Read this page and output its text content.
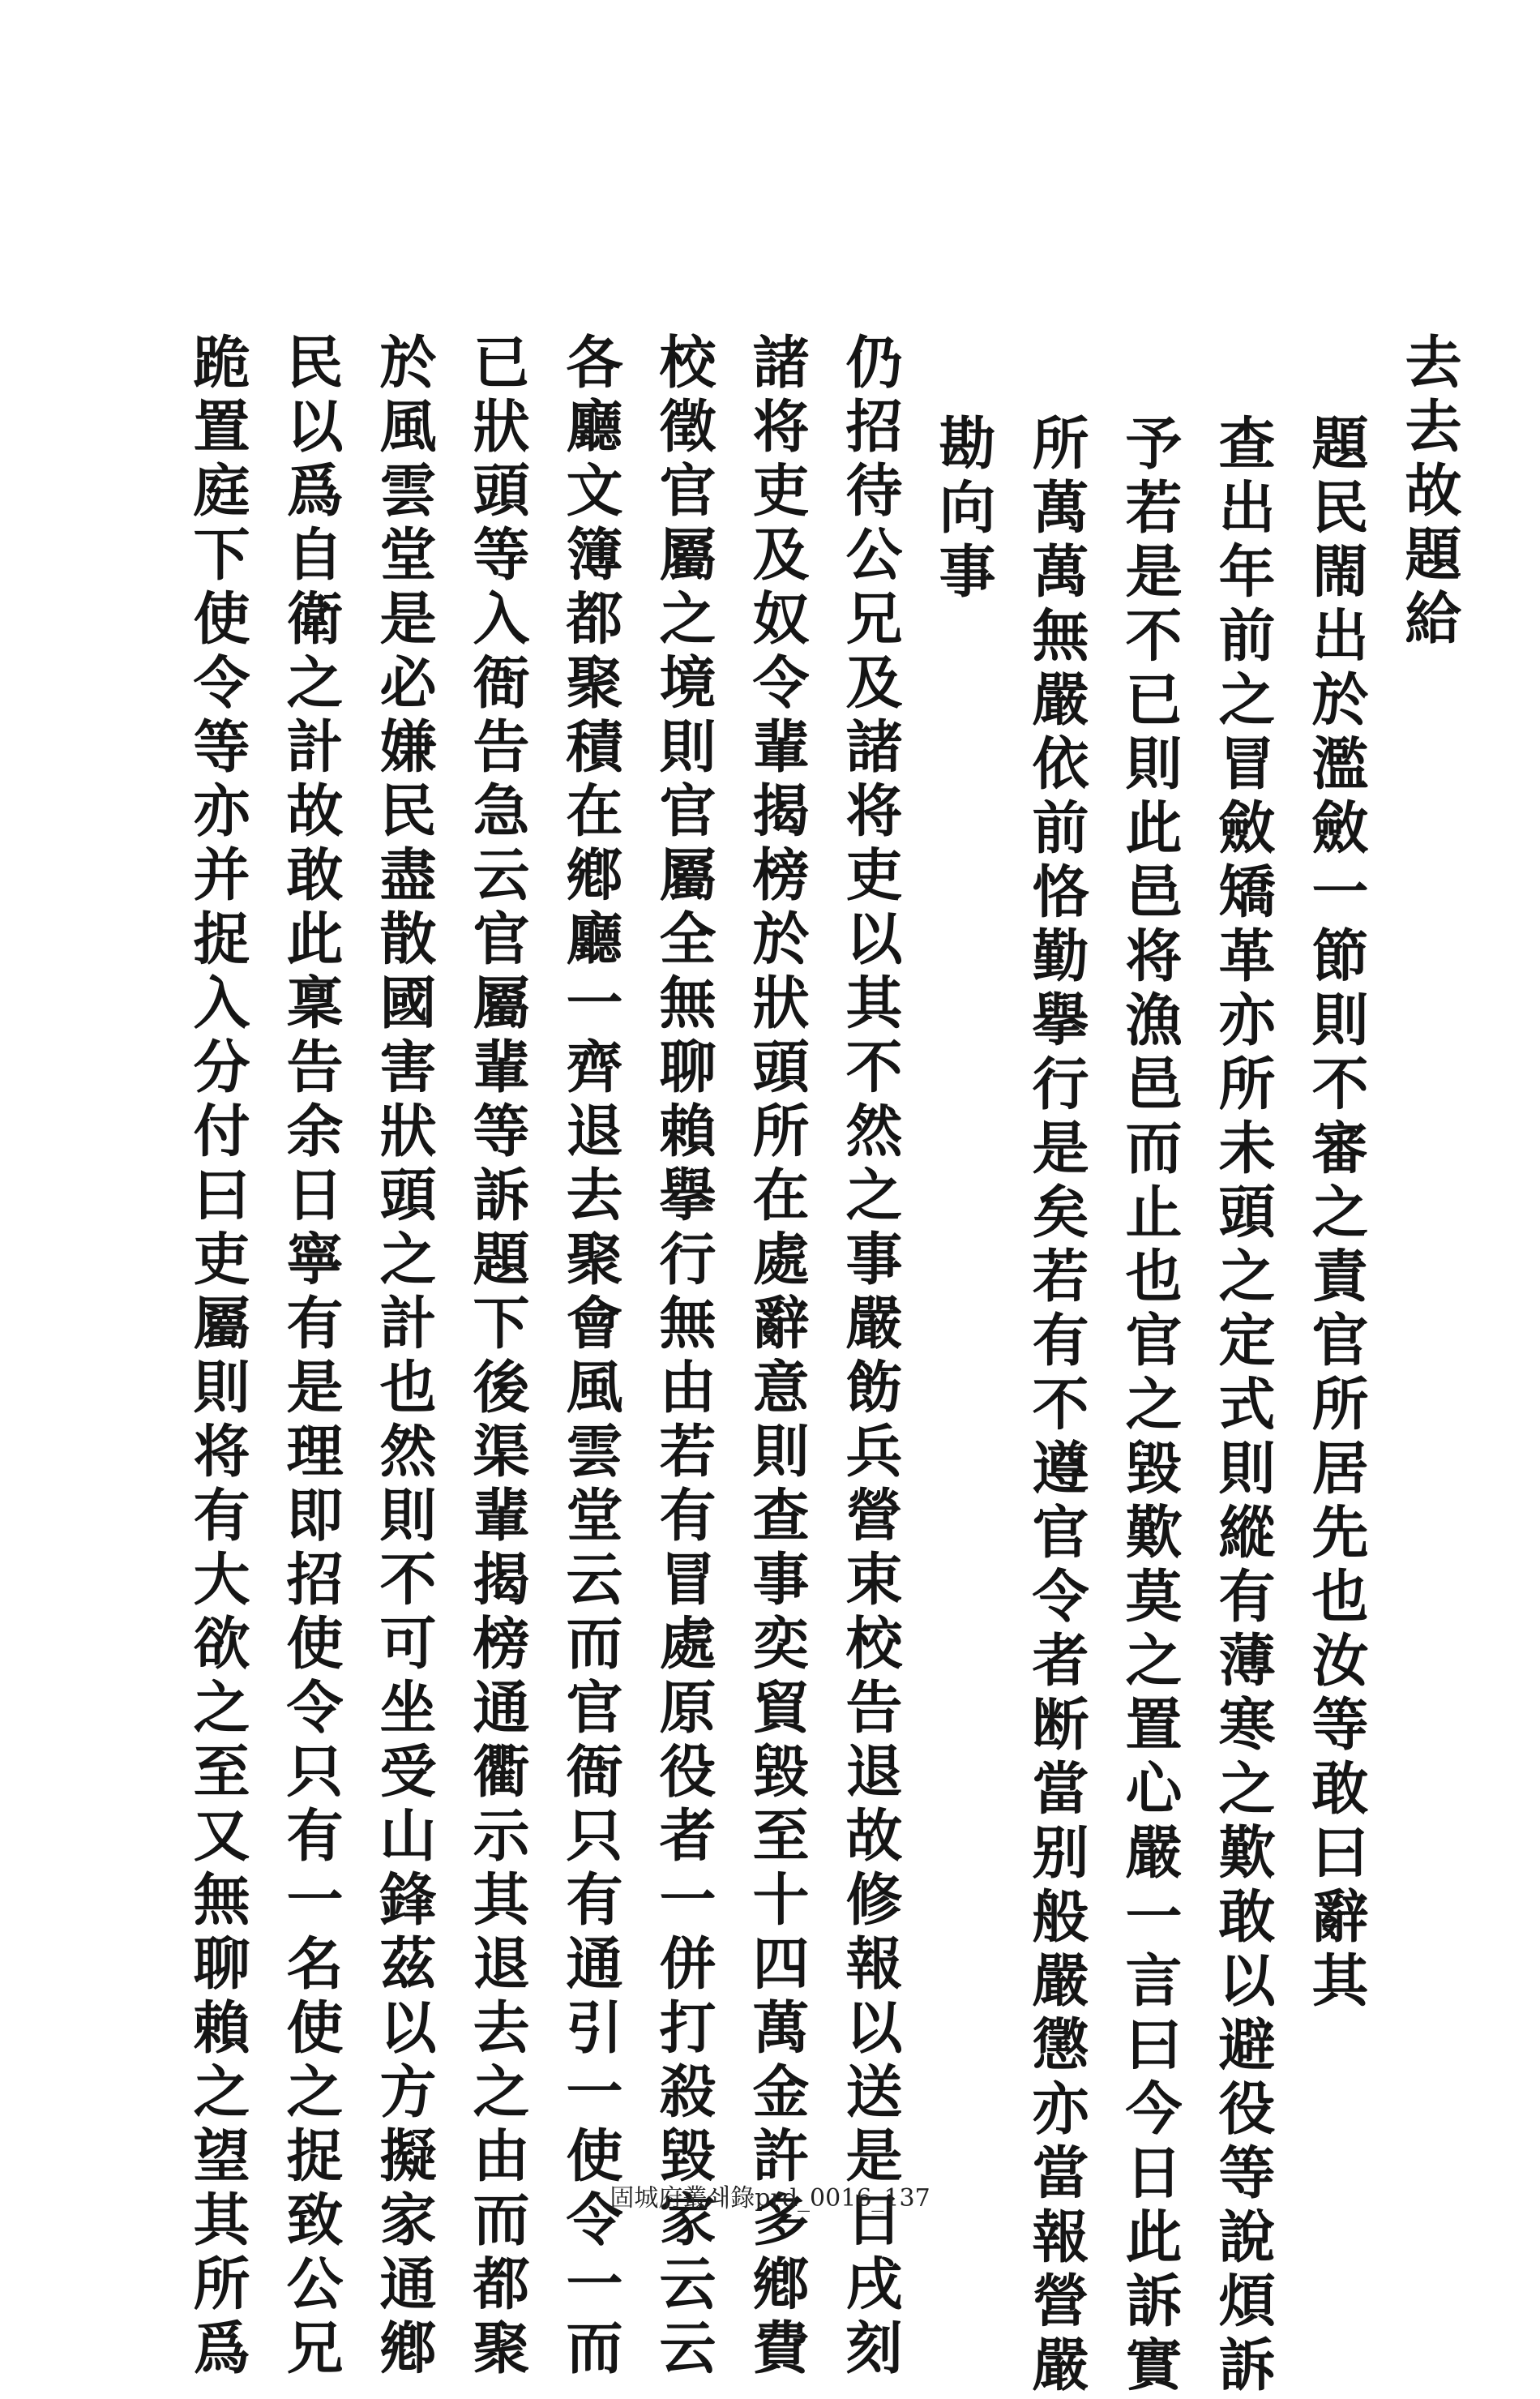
去去故題給
題民閙出於濫斂一節則不審之責官所居先也汝等敢曰辭其
查出年前之冒斂矯革亦所未頭之定式則縱有薄寒之歎敢以避役等說煩訴
予若是不已則此邑将漁邑而止也官之毀歎莫之置心嚴一言曰今日此訴實
所萬萬無嚴依前恪勤擧行是矣若有不遵官令者断當别般嚴懲亦當報營嚴
勘向事
仍招待公兄及諸将吏以其不然之事嚴飭兵營束校告退故修報以送是日戌刻
諸将吏及奴令輩揭榜於狀頭所在處辭意則查事奕貿毀至十四萬金許多鄕費
校徵官屬之境則官屬全無聊賴擧行無由若有冒處原役者一併打殺毀家云云
各廳文簿都聚積在鄕廳一齊退去聚會風雲堂云而官衙只有通引一使令一而
已狀頭等入衙告急云官屬輩等訴題下後渠輩揭榜通衢示其退去之由而都聚
於風雲堂是必嫌民盡散國害狀頭之計也然則不可坐受山鋒茲以方擬家通鄕
民以爲自衛之計故敢此稟告余日寧有是理即招使令只有一名使之捉致公兄
跪置庭下使令等亦并捉入分付曰吏屬則将有大欲之至又無聊賴之望其所爲	固城府叢쇄錄prd_0016_137
